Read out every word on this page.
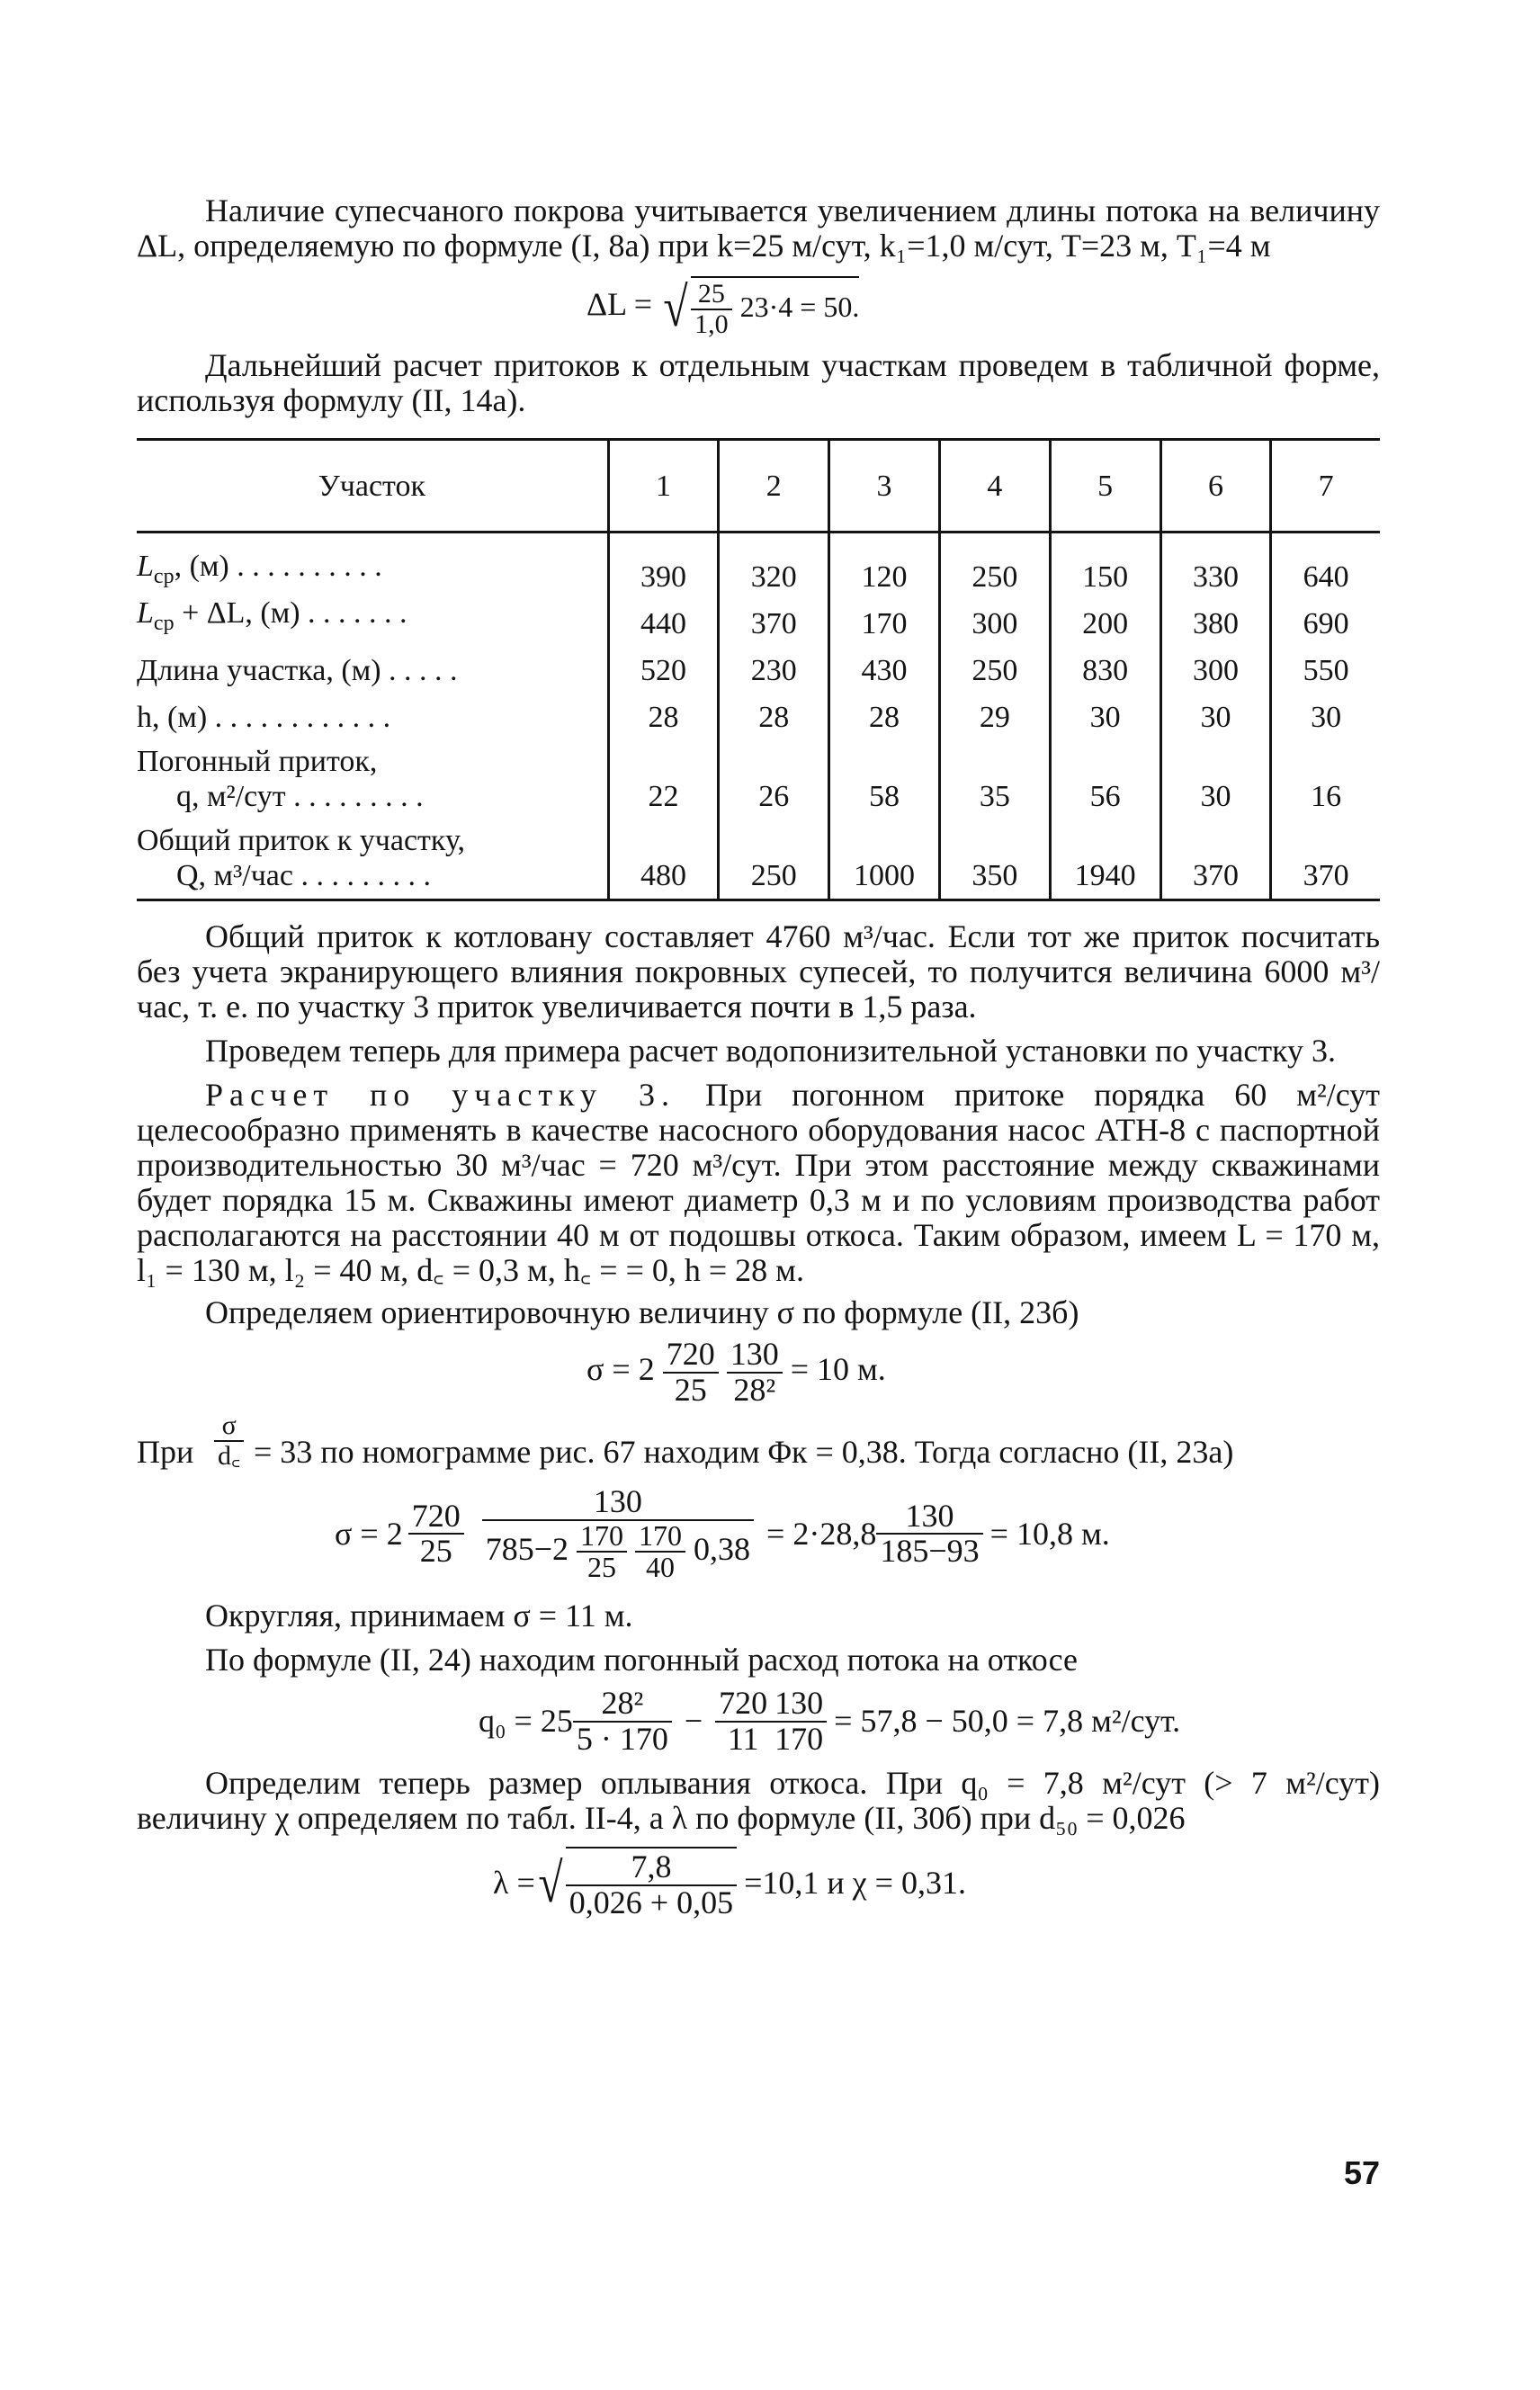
Наличие супесчаного покрова учитывается увеличением длины потока на величину ΔL, определяемую по формуле (I, 8а) при k=25 м/сут, k₁=1,0 м/сут, T=23 м, T₁=4 м

ΔL = √ $\frac{25}{1,0} 23\cdot 4 = 50$.

Дальнейший расчет притоков к отдельным участкам проведем в табличной форме, используя формулу (II, 14а).

Участок	1	2	3	4	5	6	7
$L_{ср}$, (м) . . . . . . . . . .	390	320	120	250	150	330	640
$L_{ср} + \Delta L$, (м) . . . . . . .	440	370	170	300	200	380	690
Длина участка, (м) . . . . .	520	230	430	250	830	300	550
h, (м) . . . . . . . . . . . .	28	28	28	29	30	30	30

Погонный приток,
q, м²/сут . . . . . . . . .	22	26	58	35	56	30	16

Общий приток к участку,
Q, м³/час . . . . . . . . .	480	250	1000	350	1940	370	370

Общий приток к котловану составляет 4760 м³/час. Если тот же приток посчитать без учета экранирующего влияния покровных супесей, то получится величина 6000 м³/час, т. е. по участку 3 приток увеличивается почти в 1,5 раза.

Проведем теперь для примера расчет водопонизительной установки по участку 3.

Расчет по участку 3. При погонном притоке порядка 60 м²/сут целесообразно применять в качестве насосного оборудования насос АТН-8 с паспортной производительностью 30 м³/час = 720 м³/сут. При этом расстояние между скважинами будет порядка 15 м. Скважины имеют диаметр 0,3 м и по условиям производства работ располагаются на расстоянии 40 м от подошвы откоса. Таким образом, имеем L = 170 м, l₁ = 130 м, l₂ = 40 м, d꜀ = 0,3 м, h꜀ = = 0, h = 28 м.

Определяем ориентировочную величину σ по формуле (II, 23б)

$\sigma = 2 \frac{720}{25}$
$\frac{130}{\text{28²}} = 10$ м.
При $\frac{\sigma}{d꜀} = 33$ по номограмме рис. 67 находим Φк = 0,38. Тогда согласно (II, 23а)
$\sigma = 2 \frac{720}{25} 130$
$785-2 \frac{170}{25}$
$\frac{170}{40} 0,38 = 2\cdot 28,8 \frac{130}{185-93} = 10,8$ м.

Округляя, принимаем σ = 11 м.

По формуле (II, 24) находим погонный расход потока на откосе

$q_0 = 25 \frac{\text{28²}}{5 \cdot 170} - \frac{720}{11} \frac{130}{170} = 57,8 - 50,0 = 7,8$ м²/сут.

Определим теперь размер оплывания откоса. При q₀ = 7,8 м²/сут (> 7 м²/сут) величину χ определяем по табл. II-4, а λ по формуле (II, 30б) при d₅₀ = 0,026

λ = √ $\frac{7,8}{0,026 + 0,05} =10,1$ и χ = 0,31.
57
